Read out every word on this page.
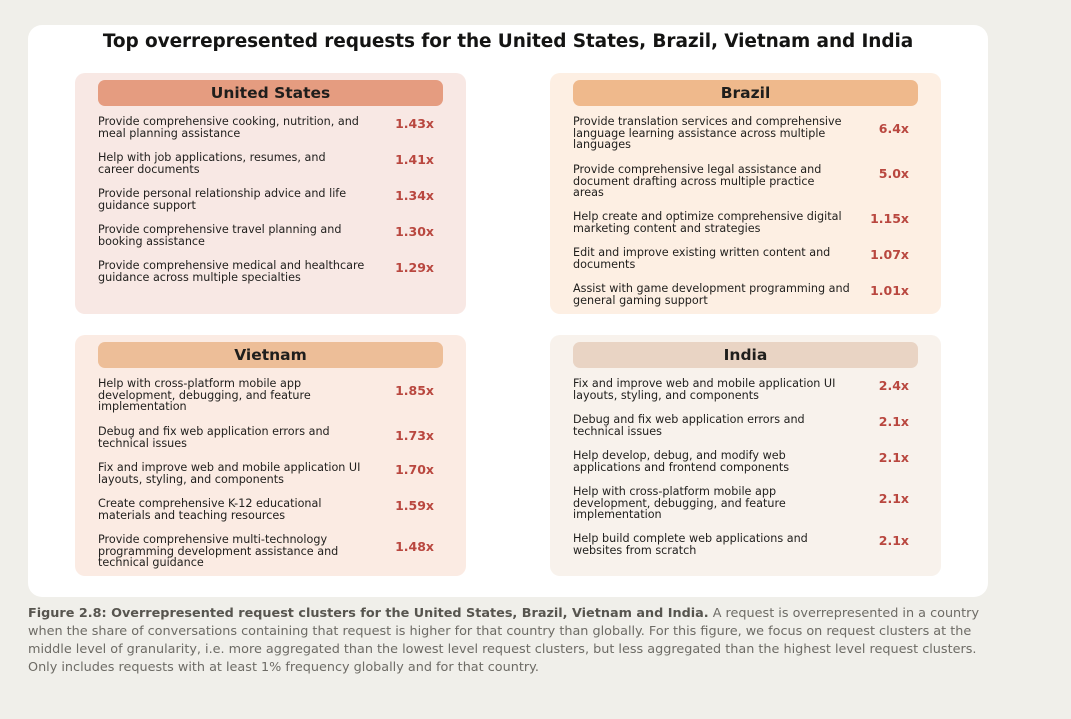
Top overrepresented requests for the United States, Brazil, Vietnam and India
United States
Provide comprehensive cooking, nutrition, and meal planning assistance
1.43x
Help with job applications, resumes, and career documents
1.41x
Provide personal relationship advice and life guidance support
1.34x
Provide comprehensive travel planning and booking assistance
1.30x
Provide comprehensive medical and healthcare guidance across multiple specialties
1.29x
Brazil
Provide translation services and comprehensive language learning assistance across multiple languages
6.4x
Provide comprehensive legal assistance and document drafting across multiple practice areas
5.0x
Help create and optimize comprehensive digital marketing content and strategies
1.15x
Edit and improve existing written content and documents
1.07x
Assist with game development programming and general gaming support
1.01x
Vietnam
Help with cross-platform mobile app development, debugging, and feature implementation
1.85x
Debug and fix web application errors and technical issues
1.73x
Fix and improve web and mobile application UI layouts, styling, and components
1.70x
Create comprehensive K-12 educational materials and teaching resources
1.59x
Provide comprehensive multi-technology programming development assistance and technical guidance
1.48x
India
Fix and improve web and mobile application UI layouts, styling, and components
2.4x
Debug and fix web application errors and technical issues
2.1x
Help develop, debug, and modify web applications and frontend components
2.1x
Help with cross-platform mobile app development, debugging, and feature implementation
2.1x
Help build complete web applications and websites from scratch
2.1x
Figure 2.8: Overrepresented request clusters for the United States, Brazil, Vietnam and India. A request is overrepresented in a country when the share of conversations containing that request is higher for that country than globally. For this figure, we focus on request clusters at the middle level of granularity, i.e. more aggregated than the lowest level request clusters, but less aggregated than the highest level request clusters. Only includes requests with at least 1% frequency globally and for that country.
